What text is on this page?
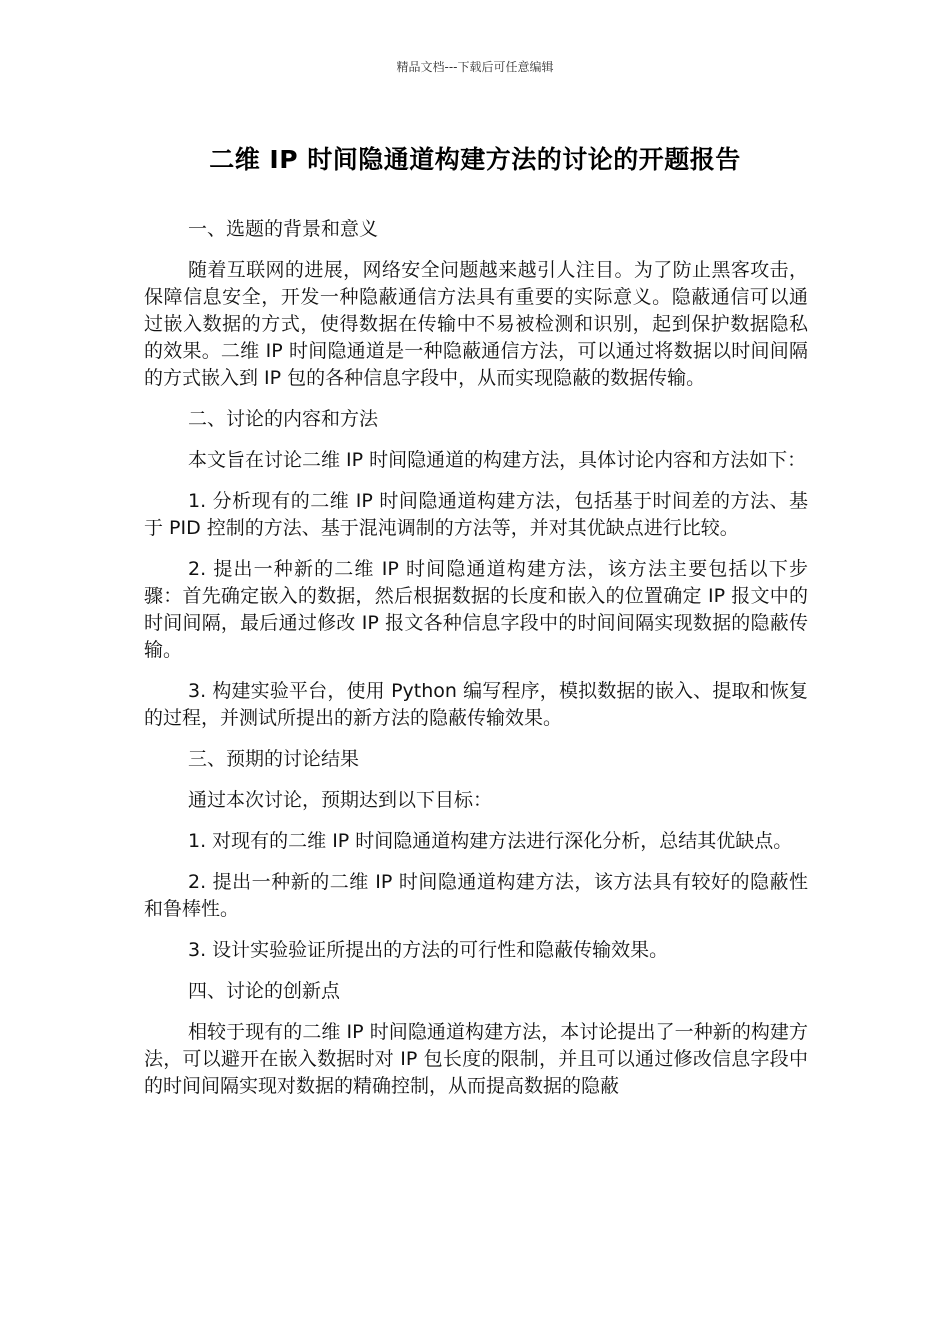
精品文档---下载后可任意编辑
二维 IP 时间隐通道构建方法的讨论的开题报告

一、选题的背景和意义

随着互联网的进展，网络安全问题越来越引人注目。为了防止黑客攻击，保障信息安全，开发一种隐蔽通信方法具有重要的实际意义。隐蔽通信可以通过嵌入数据的方式，使得数据在传输中不易被检测和识别，起到保护数据隐私的效果。二维 IP 时间隐通道是一种隐蔽通信方法，可以通过将数据以时间间隔的方式嵌入到 IP 包的各种信息字段中，从而实现隐蔽的数据传输。

二、讨论的内容和方法

本文旨在讨论二维 IP 时间隐通道的构建方法，具体讨论内容和方法如下：

1. 分析现有的二维 IP 时间隐通道构建方法，包括基于时间差的方法、基于 PID 控制的方法、基于混沌调制的方法等，并对其优缺点进行比较。

2. 提出一种新的二维 IP 时间隐通道构建方法，该方法主要包括以下步骤：首先确定嵌入的数据，然后根据数据的长度和嵌入的位置确定 IP 报文中的时间间隔，最后通过修改 IP 报文各种信息字段中的时间间隔实现数据的隐蔽传输。

3. 构建实验平台，使用 Python 编写程序，模拟数据的嵌入、提取和恢复的过程，并测试所提出的新方法的隐蔽传输效果。

三、预期的讨论结果

通过本次讨论，预期达到以下目标：

1. 对现有的二维 IP 时间隐通道构建方法进行深化分析，总结其优缺点。

2. 提出一种新的二维 IP 时间隐通道构建方法，该方法具有较好的隐蔽性和鲁棒性。

3. 设计实验验证所提出的方法的可行性和隐蔽传输效果。

四、讨论的创新点

相较于现有的二维 IP 时间隐通道构建方法，本讨论提出了一种新的构建方法，可以避开在嵌入数据时对 IP 包长度的限制，并且可以通过修改信息字段中的时间间隔实现对数据的精确控制，从而提高数据的隐蔽
